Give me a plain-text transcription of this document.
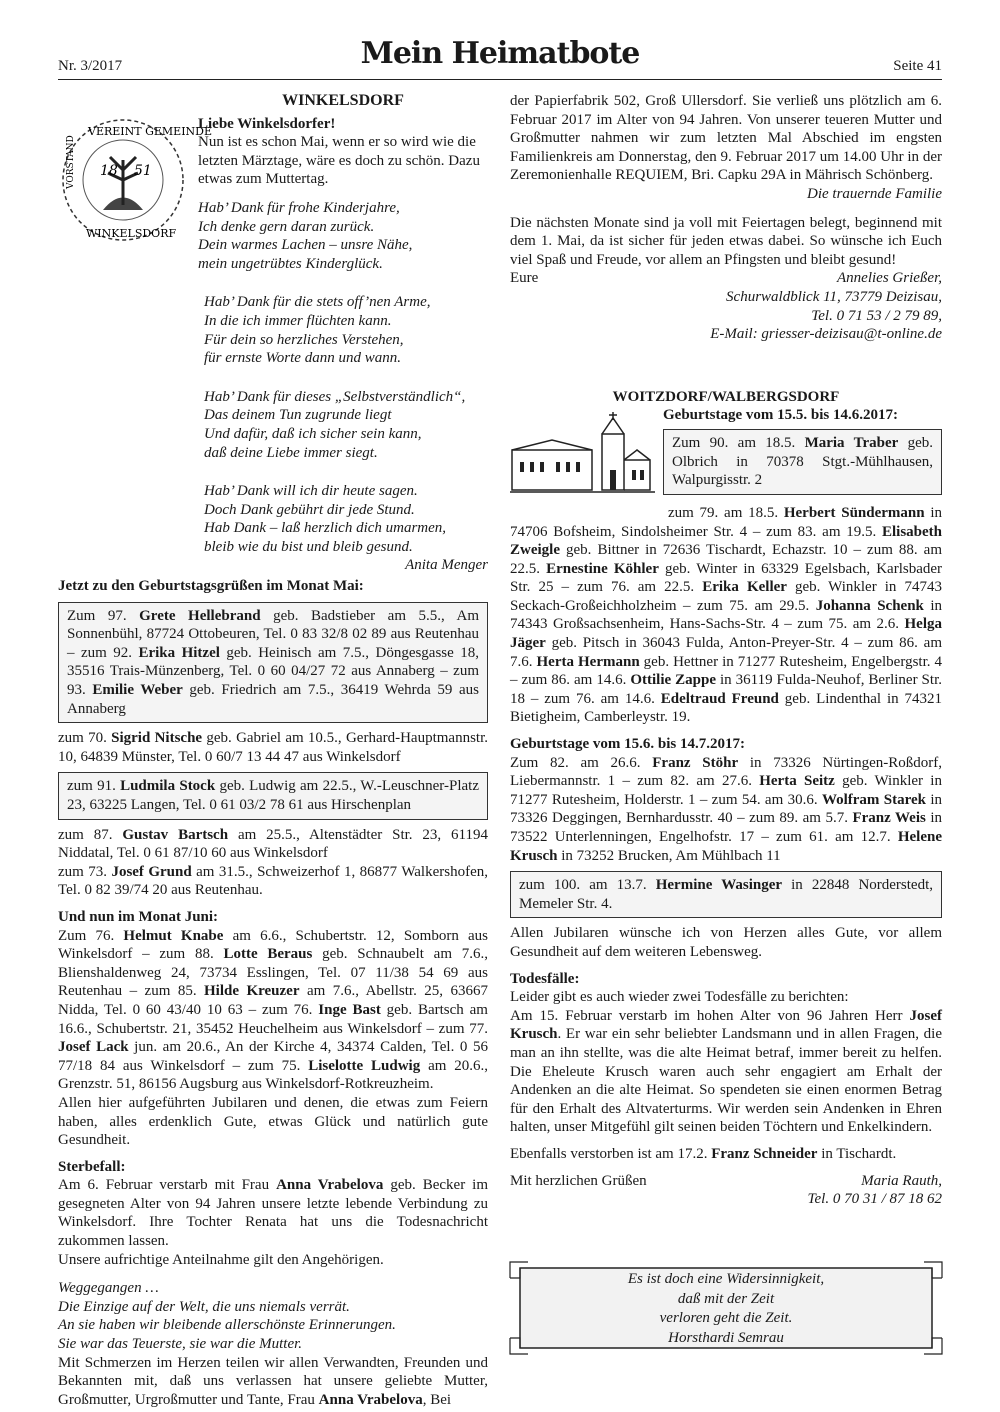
Nr. 3/2017	Mein Heimatbote	Seite 41
WINKELSDORF
18 51
VEREINT GEMEINDE
VORSTAND
WINKELSDORF

Liebe Winkelsdorfer!

Nun ist es schon Mai, wenn er so wird wie die letzten Märztage, wäre es doch zu schön. Dazu etwas zum Muttertag.

Hab’ Dank für frohe Kinderjahre,

Ich denke gern daran zurück.

Dein warmes Lachen – unsre Nähe,

mein ungetrübtes Kinderglück.

Hab’ Dank für die stets off’nen Arme,

In die ich immer flüchten kann.

Für dein so herzliches Verstehen,

für ernste Worte dann und wann.

Hab’ Dank für dieses „Selbstverständlich“,

Das deinem Tun zugrunde liegt

Und dafür, daß ich sicher sein kann,

daß deine Liebe immer siegt.

Hab’ Dank will ich dir heute sagen.

Doch Dank gebührt dir jede Stund.

Hab Dank – laß herzlich dich umarmen,

bleib wie du bist und bleib gesund.

Anita Menger

Jetzt zu den Geburtstagsgrüßen im Monat Mai:

Zum 97. Grete Hellebrand geb. Badstieber am 5.5., Am Sonnenbühl, 87724 Ottobeuren, Tel. 0 83 32/8 02 89 aus Reutenhau – zum 92. Erika Hitzel geb. Heinisch am 7.5., Döngesgasse 18, 35516 Trais-Münzenberg, Tel. 0 60 04/27 72 aus Annaberg – zum 93. Emilie Weber geb. Friedrich am 7.5., 36419 Wehrda 59 aus Annaberg

zum 70. Sigrid Nitsche geb. Gabriel am 10.5., Gerhard-Hauptmannstr. 10, 64839 Münster, Tel. 0 60/7 13 44 47 aus Winkelsdorf

zum 91. Ludmila Stock geb. Ludwig am 22.5., W.-Leuschner-Platz 23, 63225 Langen, Tel. 0 61 03/2 78 61 aus Hirschenplan

zum 87. Gustav Bartsch am 25.5., Altenstädter Str. 23, 61194 Niddatal, Tel. 0 61 87/10 60 aus Winkelsdorf

zum 73. Josef Grund am 31.5., Schweizerhof 1, 86877 Walkershofen, Tel. 0 82 39/74 20 aus Reutenhau.

Und nun im Monat Juni:

Zum 76. Helmut Knabe am 6.6., Schubertstr. 12, Somborn aus Winkelsdorf – zum 88. Lotte Beraus geb. Schnaubelt am 7.6., Blienshaldenweg 24, 73734 Esslingen, Tel. 07 11/38 54 69 aus Reutenhau – zum 85. Hilde Kreuzer am 7.6., Abellstr. 25, 63667 Nidda, Tel. 0 60 43/40 10 63 – zum 76. Inge Bast geb. Bartsch am 16.6., Schubertstr. 21, 35452 Heuchelheim aus Winkelsdorf – zum 77. Josef Lack jun. am 20.6., An der Kirche 4, 34374 Calden, Tel. 0 56 77/18 84 aus Winkelsdorf – zum 75. Liselotte Ludwig am 20.6., Grenzstr. 51, 86156 Augsburg aus Winkelsdorf-Rotkreuzheim.

Allen hier aufgeführten Jubilaren und denen, die etwas zum Feiern haben, alles erdenklich Gute, etwas Glück und natürlich gute Gesundheit.

Sterbefall:

Am 6. Februar verstarb mit Frau Anna Vrabelova geb. Becker im gesegneten Alter von 94 Jahren unsere letzte lebende Verbindung zu Winkelsdorf. Ihre Tochter Renata hat uns die Todesnachricht zukommen lassen.

Unsere aufrichtige Anteilnahme gilt den Angehörigen.

Weggegangen …

Die Einzige auf der Welt, die uns niemals verrät.

An sie haben wir bleibende allerschönste Erinnerungen.

Sie war das Teuerste, sie war die Mutter.

Mit Schmerzen im Herzen teilen wir allen Verwandten, Freunden und Bekannten mit, daß uns verlassen hat unsere geliebte Mutter, Großmutter, Urgroßmutter und Tante, Frau Anna Vrabelova, Bei

der Papierfabrik 502, Groß Ullersdorf. Sie verließ uns plötzlich am 6. Februar 2017 im Alter von 94 Jahren. Von unserer teueren Mutter und Großmutter nahmen wir zum letzten Mal Abschied im engsten Familienkreis am Donnerstag, den 9. Februar 2017 um 14.00 Uhr in der Zeremonienhalle REQUIEM, Bri. Capku 29A in Mährisch Schönberg.

Die trauernde Familie

Die nächsten Monate sind ja voll mit Feiertagen belegt, beginnend mit dem 1. Mai, da ist sicher für jeden etwas dabei. So wünsche ich Euch viel Spaß und Freude, vor allem an Pfingsten und bleibt gesund!

Eure	Annelies Grießer,

Schurwaldblick 11, 73779 Deizisau,

Tel. 0 71 53 / 2 79 89,

E-Mail: griesser-deizisau@t-online.de

WOITZDORF/WALBERGSDORF

Geburtstage vom 15.5. bis 14.6.2017:

Zum 90. am 18.5. Maria Traber geb. Olbrich in 70378 Stgt.-Mühlhausen, Walpurgisstr. 2

zum 79. am 18.5. Herbert Sündermann in 74706 Bofsheim, Sindolsheimer Str. 4 – zum 83. am 19.5. Elisabeth Zweigle geb. Bittner in 72636 Tischardt, Echazstr. 10 – zum 88. am 22.5. Ernestine Köhler geb. Winter in 63329 Egelsbach, Karlsbader Str. 25 – zum 76. am 22.5. Erika Keller geb. Winkler in 74743 Seckach-Großeichholzheim – zum 75. am 29.5. Johanna Schenk in 74343 Großsachsenheim, Hans-Sachs-Str. 4 – zum 75. am 2.6. Helga Jäger geb. Pitsch in 36043 Fulda, Anton-Preyer-Str. 4 – zum 86. am 7.6. Herta Hermann geb. Hettner in 71277 Rutesheim, Engelbergstr. 4 – zum 86. am 14.6. Ottilie Zappe in 36119 Fulda-Neuhof, Berliner Str. 18 – zum 76. am 14.6. Edeltraud Freund geb. Lindenthal in 74321 Bietigheim, Camberleystr. 19.

Geburtstage vom 15.6. bis 14.7.2017:

Zum 82. am 26.6. Franz Stöhr in 73326 Nürtingen-Roßdorf, Liebermannstr. 1 – zum 82. am 27.6. Herta Seitz geb. Winkler in 71277 Rutesheim, Holderstr. 1 – zum 54. am 30.6. Wolfram Starek in 73326 Deggingen, Bernhardusstr. 40 – zum 89. am 5.7. Franz Weis in 73522 Unterlenningen, Engelhofstr. 17 – zum 61. am 12.7. Helene Krusch in 73252 Brucken, Am Mühlbach 11

zum 100. am 13.7. Hermine Wasinger in 22848 Norderstedt, Memeler Str. 4.

Allen Jubilaren wünsche ich von Herzen alles Gute, vor allem Gesundheit auf dem weiteren Lebensweg.

Todesfälle:

Leider gibt es auch wieder zwei Todesfälle zu berichten:

Am 15. Februar verstarb im hohen Alter von 96 Jahren Herr Josef Krusch. Er war ein sehr beliebter Landsmann und in allen Fragen, die man an ihn stellte, was die alte Heimat betraf, immer bereit zu helfen. Die Eheleute Krusch waren auch sehr engagiert am Erhalt der Andenken an die alte Heimat. So spendeten sie einen enormen Betrag für den Erhalt des Altvaterturms. Wir werden sein Andenken in Ehren halten, unser Mitgefühl gilt seinen beiden Töchtern und Enkelkindern.

Ebenfalls verstorben ist am 17.2. Franz Schneider in Tischardt.

Mit herzlichen Grüßen	Maria Rauth,

Tel. 0 70 31 / 87 18 62

Es ist doch eine Widersinnigkeit,

daß mit der Zeit

verloren geht die Zeit.

Horsthardi Semrau
